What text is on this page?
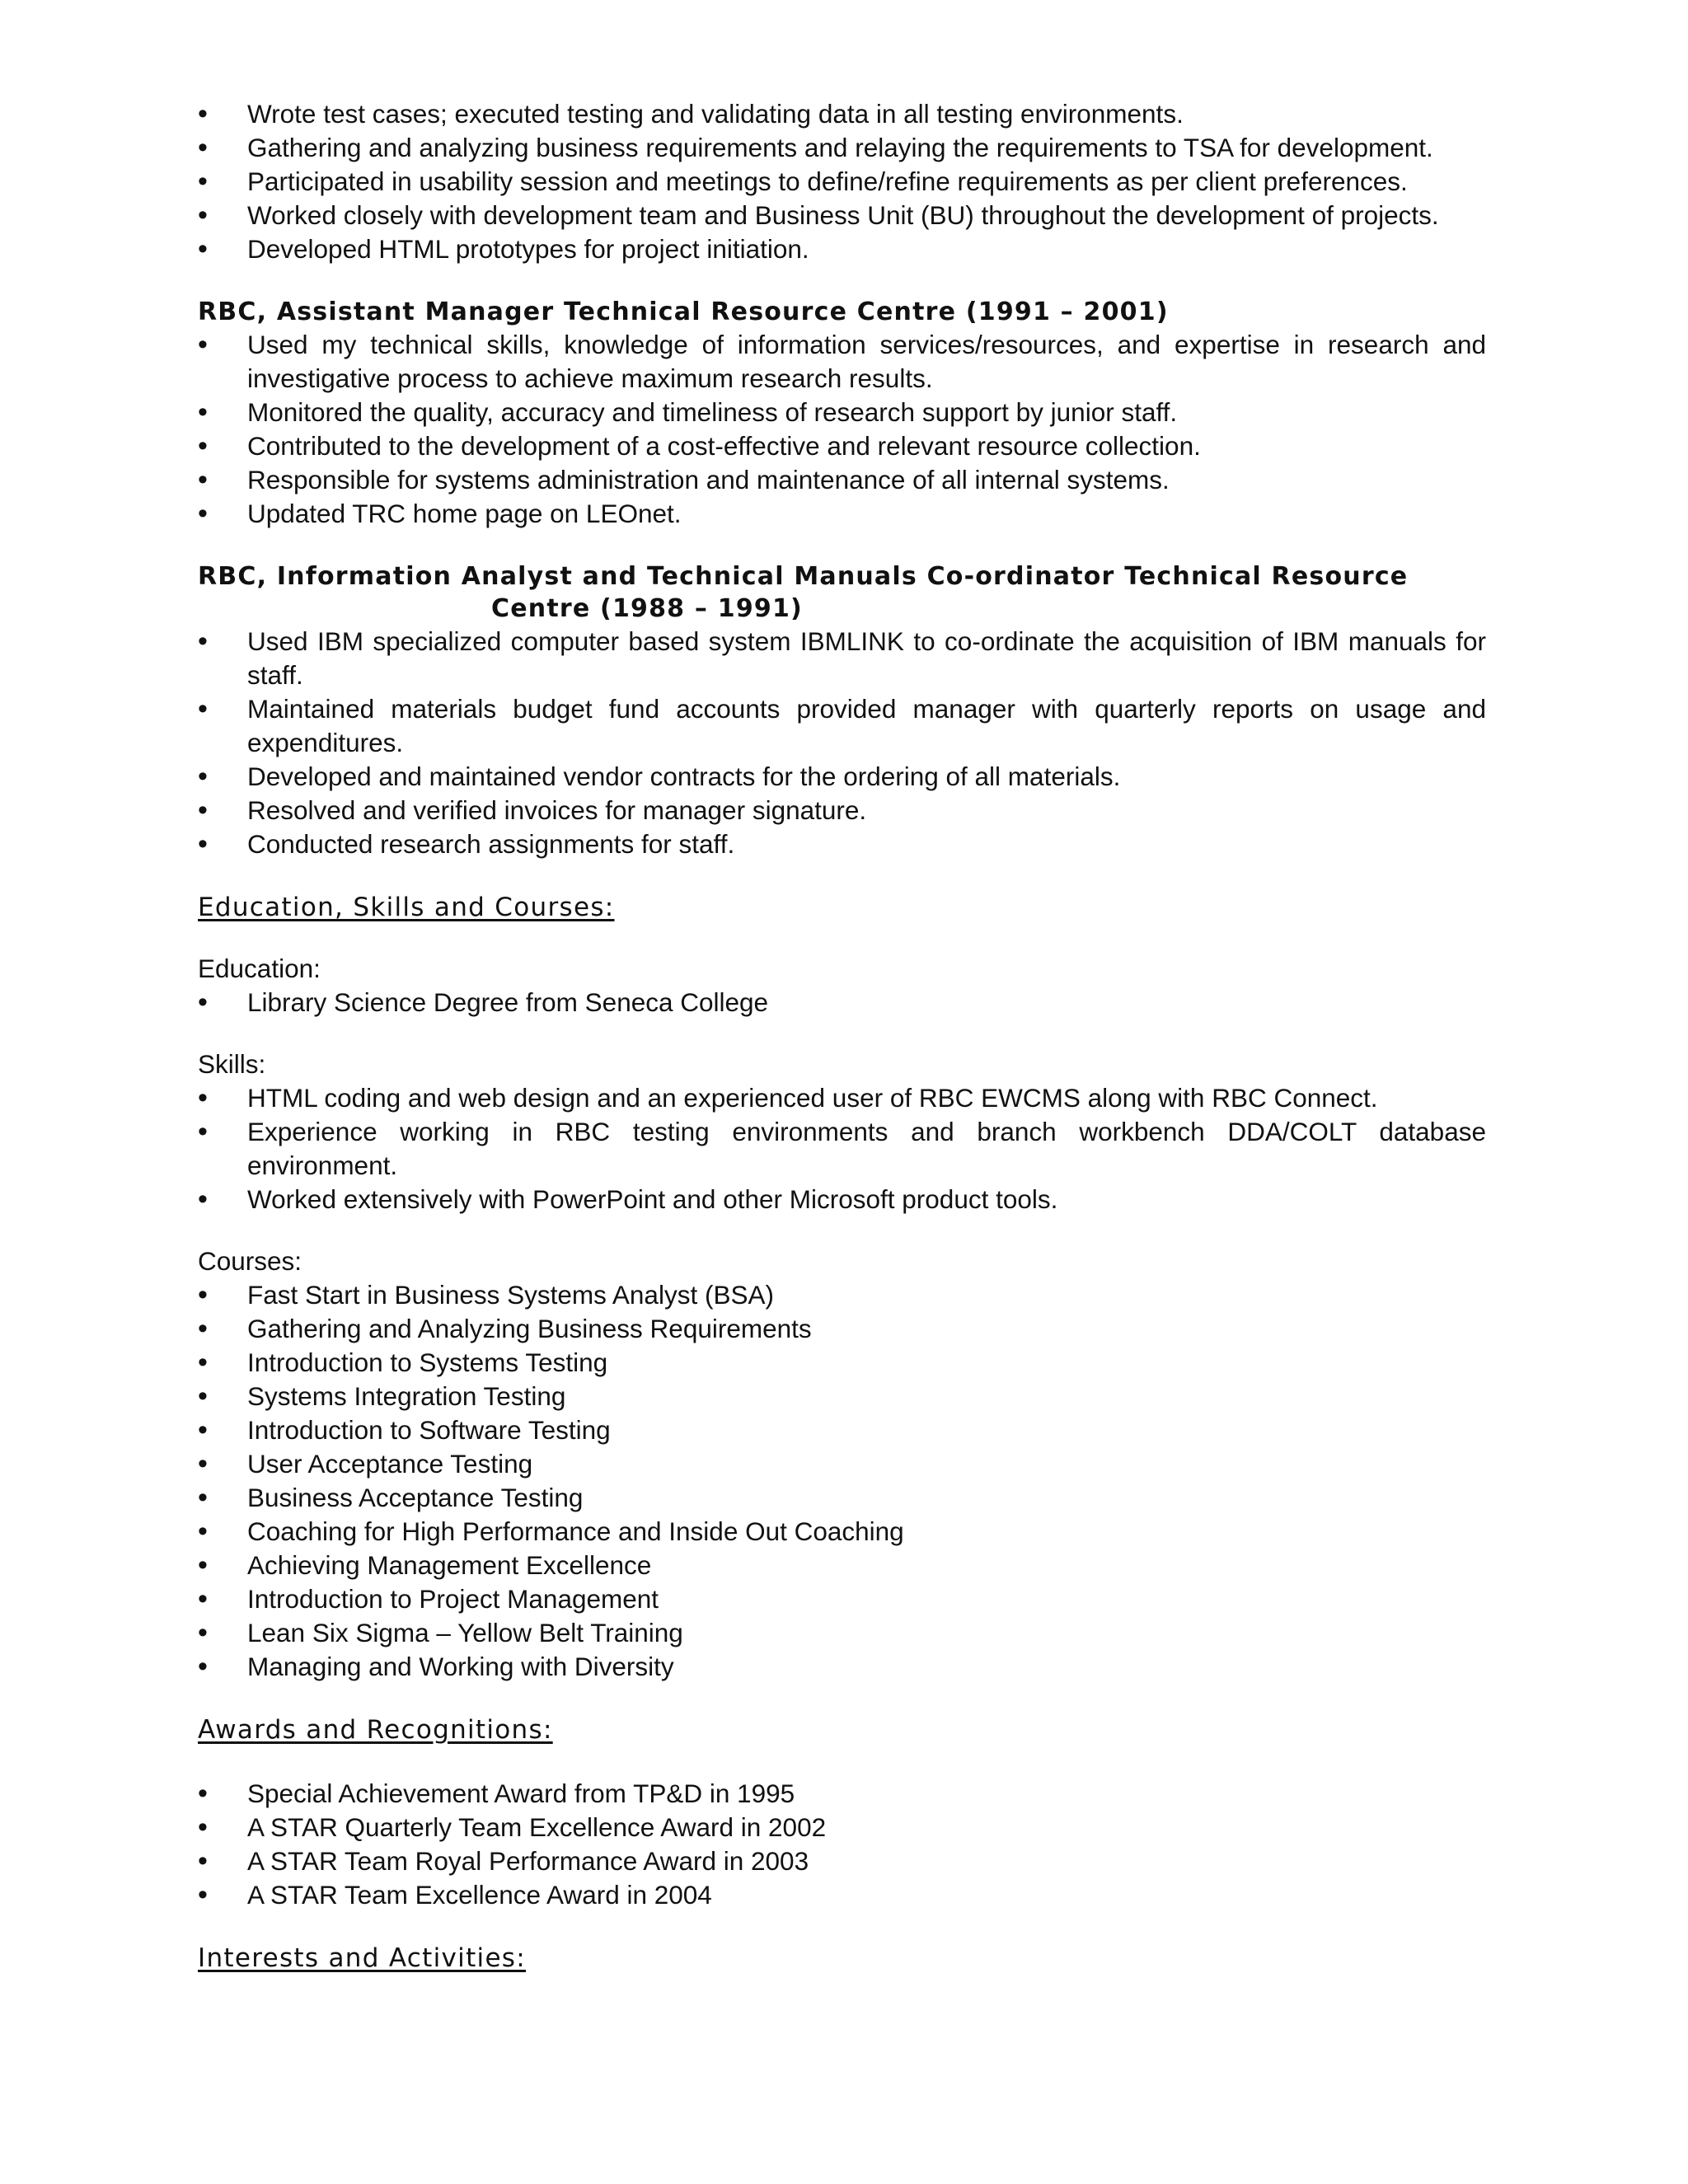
• Wrote test cases; executed testing and validating data in all testing environments.
• Gathering and analyzing business requirements and relaying the requirements to TSA for development.
• Participated in usability session and meetings to define/refine requirements as per client preferences.
• Worked closely with development team and Business Unit (BU) throughout the development of projects.
• Developed HTML prototypes for project initiation.
RBC, Assistant Manager Technical Resource Centre (1991 – 2001)
• Used my technical skills, knowledge of information services/resources, and expertise in research and investigative process to achieve maximum research results.
• Monitored the quality, accuracy and timeliness of research support by junior staff.
• Contributed to the development of a cost-effective and relevant resource collection.
• Responsible for systems administration and maintenance of all internal systems.
• Updated TRC home page on LEOnet.
RBC, Information Analyst and Technical Manuals Co-ordinator Technical Resource
Centre (1988 – 1991)
• Used IBM specialized computer based system IBMLINK to co-ordinate the acquisition of IBM manuals for staff.
• Maintained materials budget fund accounts provided manager with quarterly reports on usage and expenditures.
• Developed and maintained vendor contracts for the ordering of all materials.
• Resolved and verified invoices for manager signature.
• Conducted research assignments for staff.
Education, Skills and Courses:
Education:
• Library Science Degree from Seneca College
Skills:
• HTML coding and web design and an experienced user of RBC EWCMS along with RBC Connect.
• Experience working in RBC testing environments and branch workbench DDA/COLT database environment.
• Worked extensively with PowerPoint and other Microsoft product tools.
Courses:
• Fast Start in Business Systems Analyst (BSA)
• Gathering and Analyzing Business Requirements
• Introduction to Systems Testing
• Systems Integration Testing
• Introduction to Software Testing
• User Acceptance Testing
• Business Acceptance Testing
• Coaching for High Performance and Inside Out Coaching
• Achieving Management Excellence
• Introduction to Project Management
• Lean Six Sigma – Yellow Belt Training
• Managing and Working with Diversity
Awards and Recognitions:
• Special Achievement Award from TP&D in 1995
• A STAR Quarterly Team Excellence Award in 2002
• A STAR Team Royal Performance Award in 2003
• A STAR Team Excellence Award in 2004
Interests and Activities:
